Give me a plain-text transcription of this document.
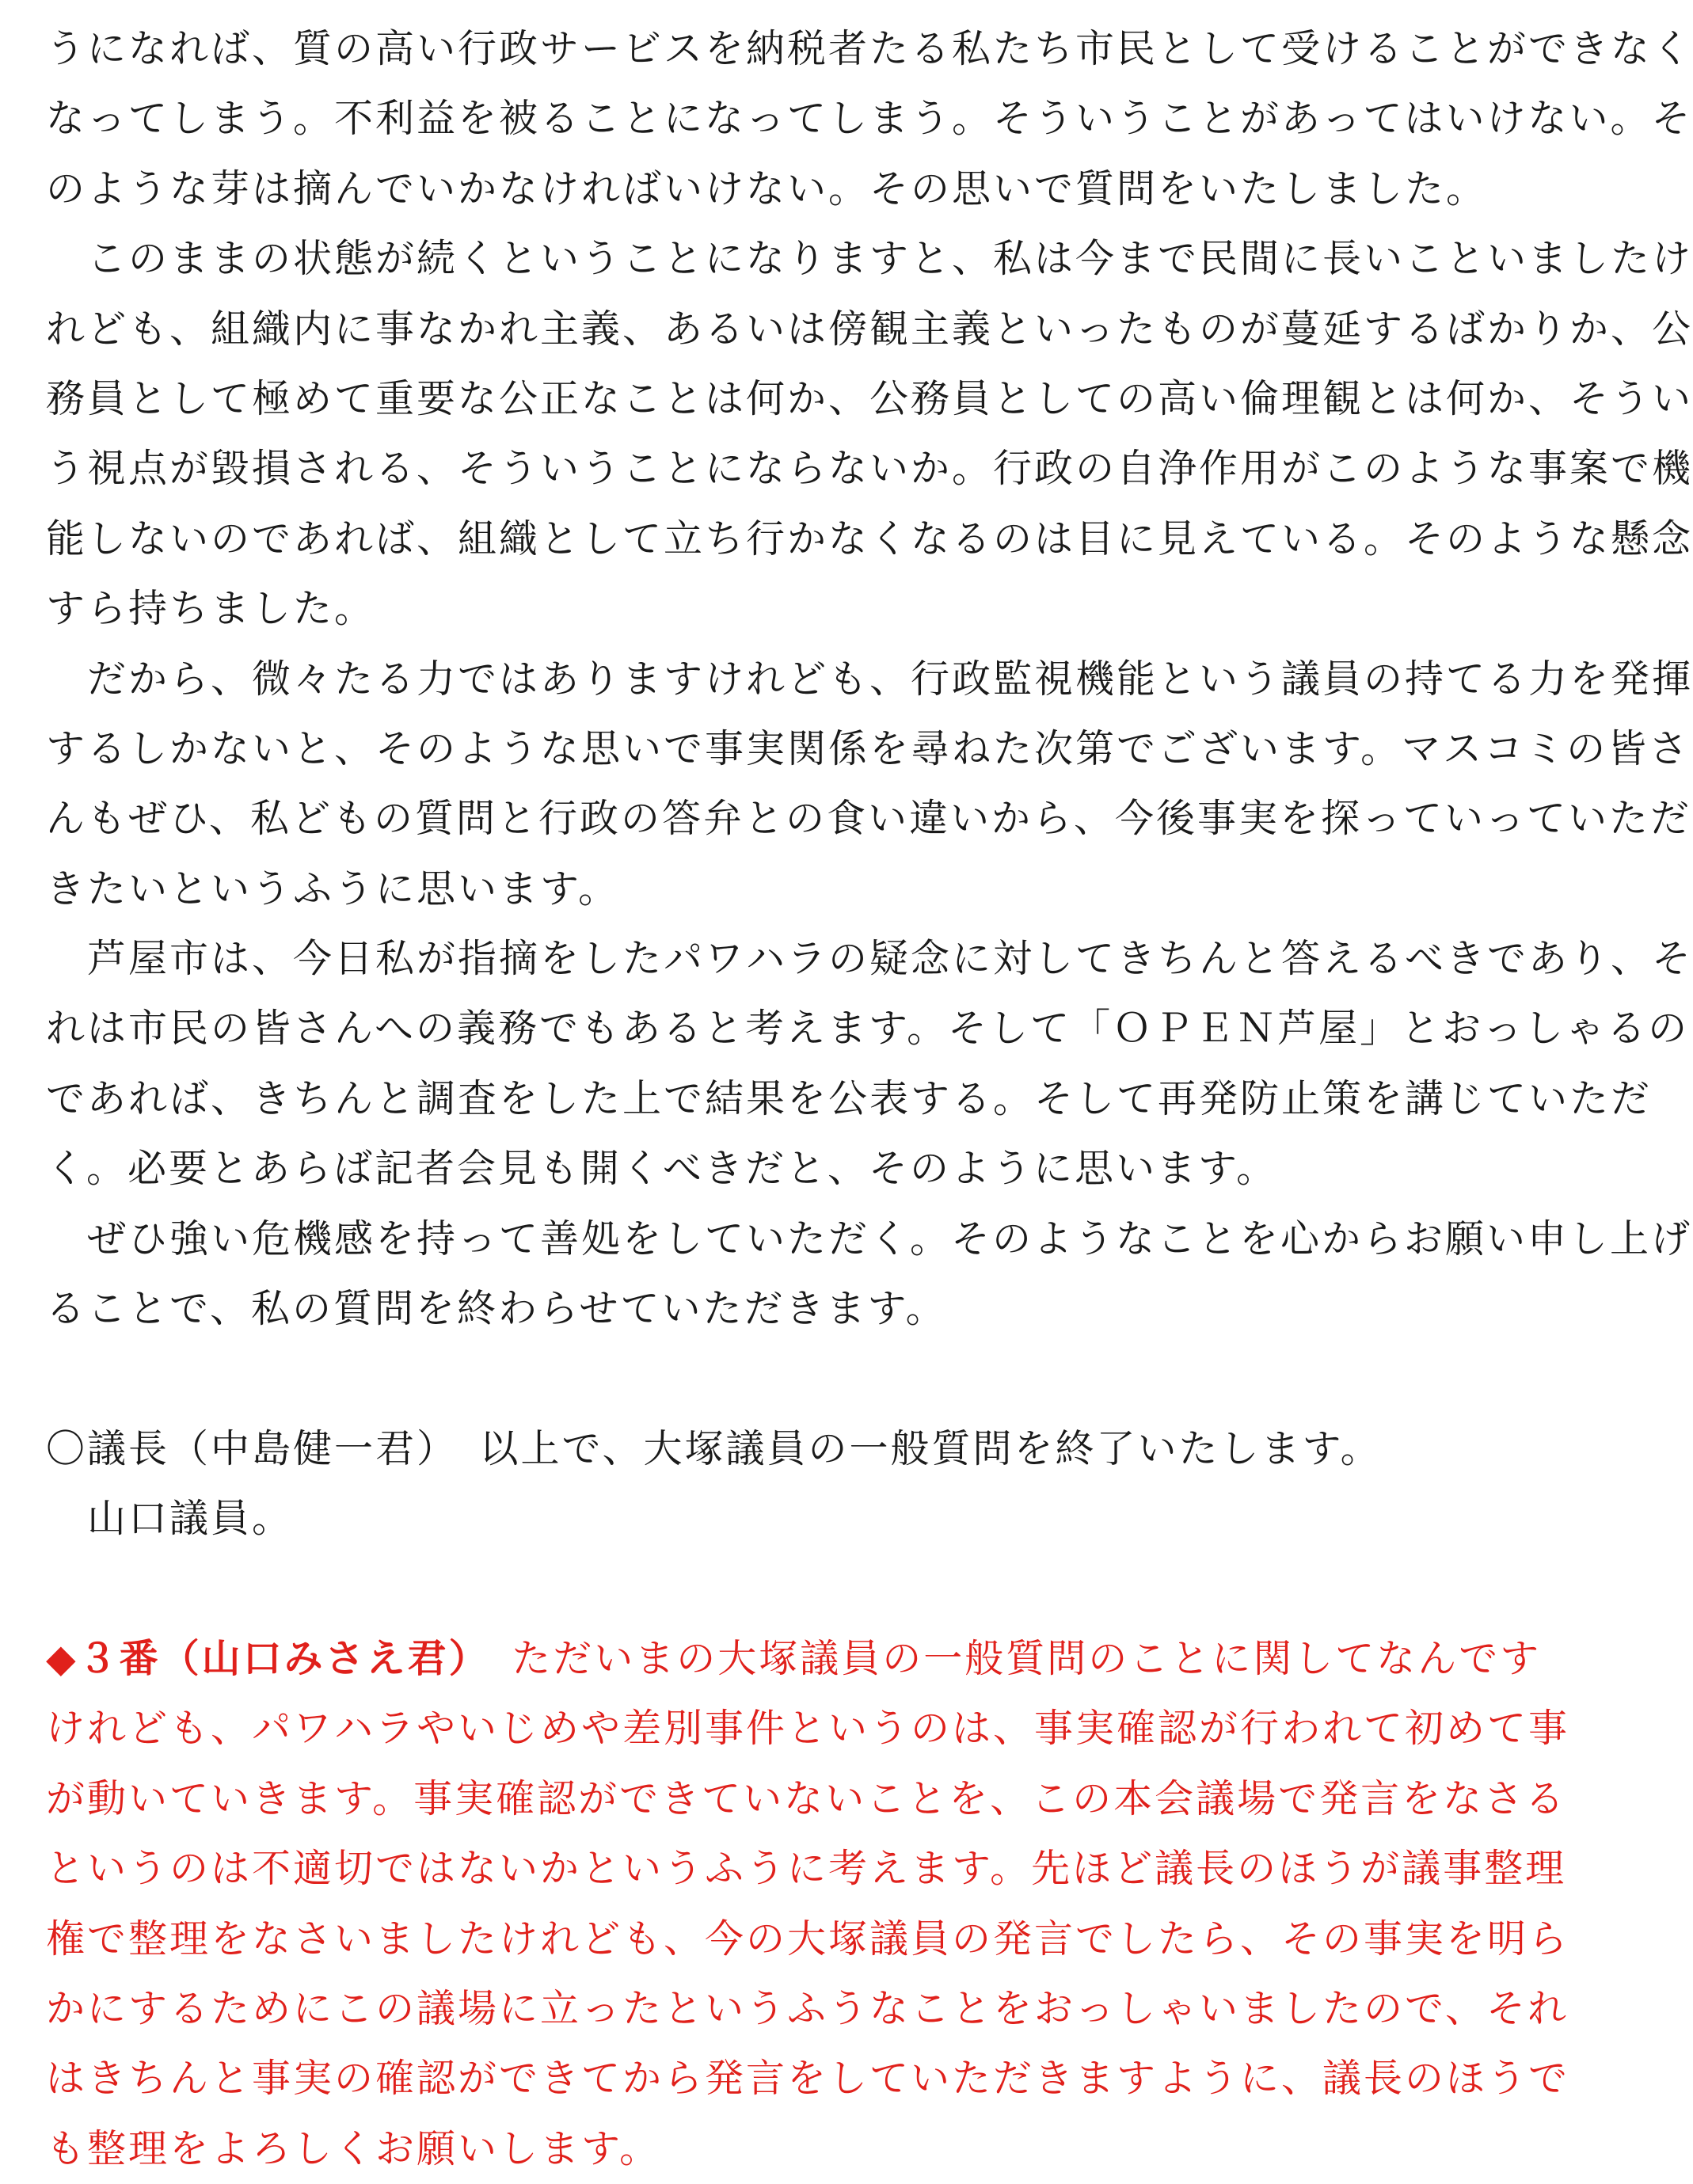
うになれば、質の高い行政サービスを納税者たる私たち市民として受けることができなく
なってしまう。不利益を被ることになってしまう。そういうことがあってはいけない。そ
のような芽は摘んでいかなければいけない。その思いで質問をいたしました。
　このままの状態が続くということになりますと、私は今まで民間に長いこといましたけ
れども、組織内に事なかれ主義、あるいは傍観主義といったものが蔓延するばかりか、公
務員として極めて重要な公正なことは何か、公務員としての高い倫理観とは何か、そうい
う視点が毀損される、そういうことにならないか。行政の自浄作用がこのような事案で機
能しないのであれば、組織として立ち行かなくなるのは目に見えている。そのような懸念
すら持ちました。
　だから、微々たる力ではありますけれども、行政監視機能という議員の持てる力を発揮
するしかないと、そのような思いで事実関係を尋ねた次第でございます。マスコミの皆さ
んもぜひ、私どもの質問と行政の答弁との食い違いから、今後事実を探っていっていただ
きたいというふうに思います。
　芦屋市は、今日私が指摘をしたパワハラの疑念に対してきちんと答えるべきであり、そ
れは市民の皆さんへの義務でもあると考えます。そして「ＯＰＥＮ芦屋」とおっしゃるの
であれば、きちんと調査をした上で結果を公表する。そして再発防止策を講じていただ
く。必要とあらば記者会見も開くべきだと、そのように思います。
　ぜひ強い危機感を持って善処をしていただく。そのようなことを心からお願い申し上げ
ることで、私の質問を終わらせていただきます。
〇議長（中島健一君）　以上で、大塚議員の一般質問を終了いたします。
　山口議員。
◆３番（山口みさえ君）　ただいまの大塚議員の一般質問のことに関してなんです
けれども、パワハラやいじめや差別事件というのは、事実確認が行われて初めて事
が動いていきます。事実確認ができていないことを、この本会議場で発言をなさる
というのは不適切ではないかというふうに考えます。先ほど議長のほうが議事整理
権で整理をなさいましたけれども、今の大塚議員の発言でしたら、その事実を明ら
かにするためにこの議場に立ったというふうなことをおっしゃいましたので、それ
はきちんと事実の確認ができてから発言をしていただきますように、議長のほうで
も整理をよろしくお願いします。
